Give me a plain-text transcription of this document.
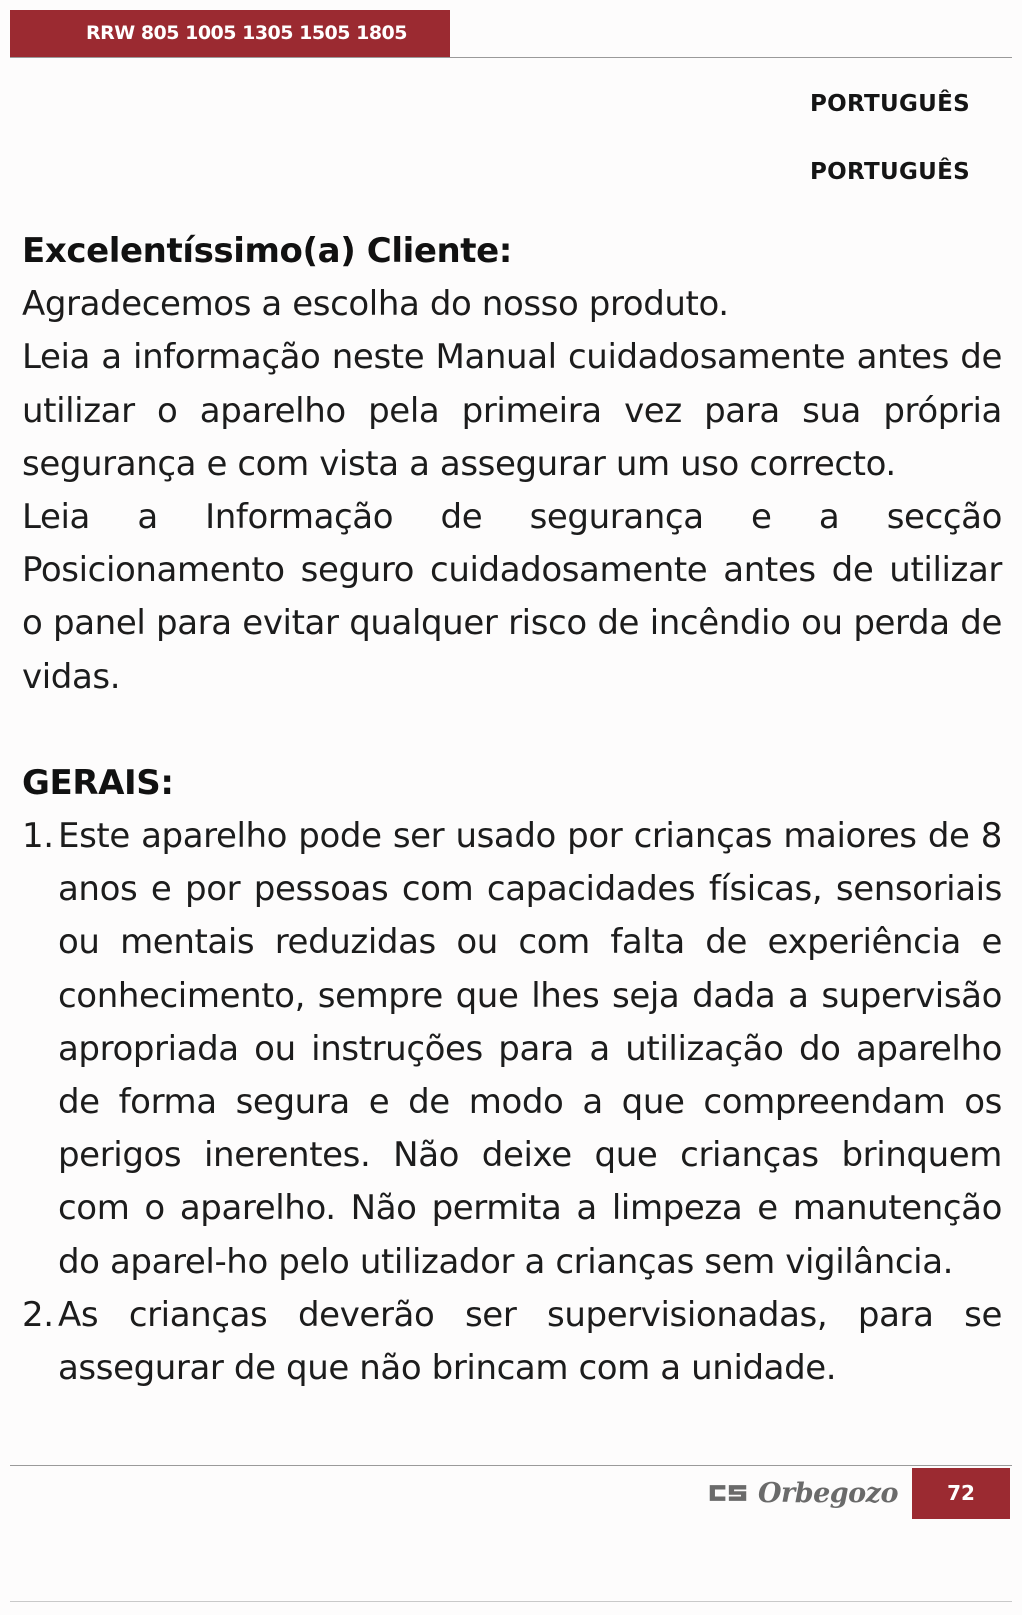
RRW 805 1005 1305 1505 1805
PORTUGUÊS
PORTUGUÊS
Excelentíssimo(a) Cliente:
Agradecemos a escolha do nosso produto.
Leia a informação neste Manual cuidadosamente antes de utilizar o aparelho pela primeira vez para sua própria segurança e com vista a assegurar um uso correcto.
Leia a Informação de segurança e a secção Posicionamento seguro cuidadosamente antes de utilizar o panel para evitar qualquer risco de incêndio ou perda de vidas.
GERAIS:
1. Este aparelho pode ser usado por crianças maiores de 8 anos e por pessoas com capacidades físicas, sensoriais ou mentais reduzidas ou com falta de experiência e conhecimento, sempre que lhes seja dada a supervisão apropriada ou instruções para a utilização do aparelho de forma segura e de modo a que compreendam os perigos inerentes. Não deixe que crianças brinquem com o aparelho. Não permita a limpeza e manutenção do aparel-ho pelo utilizador a crianças sem vigilância.
2. As crianças deverão ser supervisionadas, para se assegurar de que não brincam com a unidade.
Orbegozo	72
